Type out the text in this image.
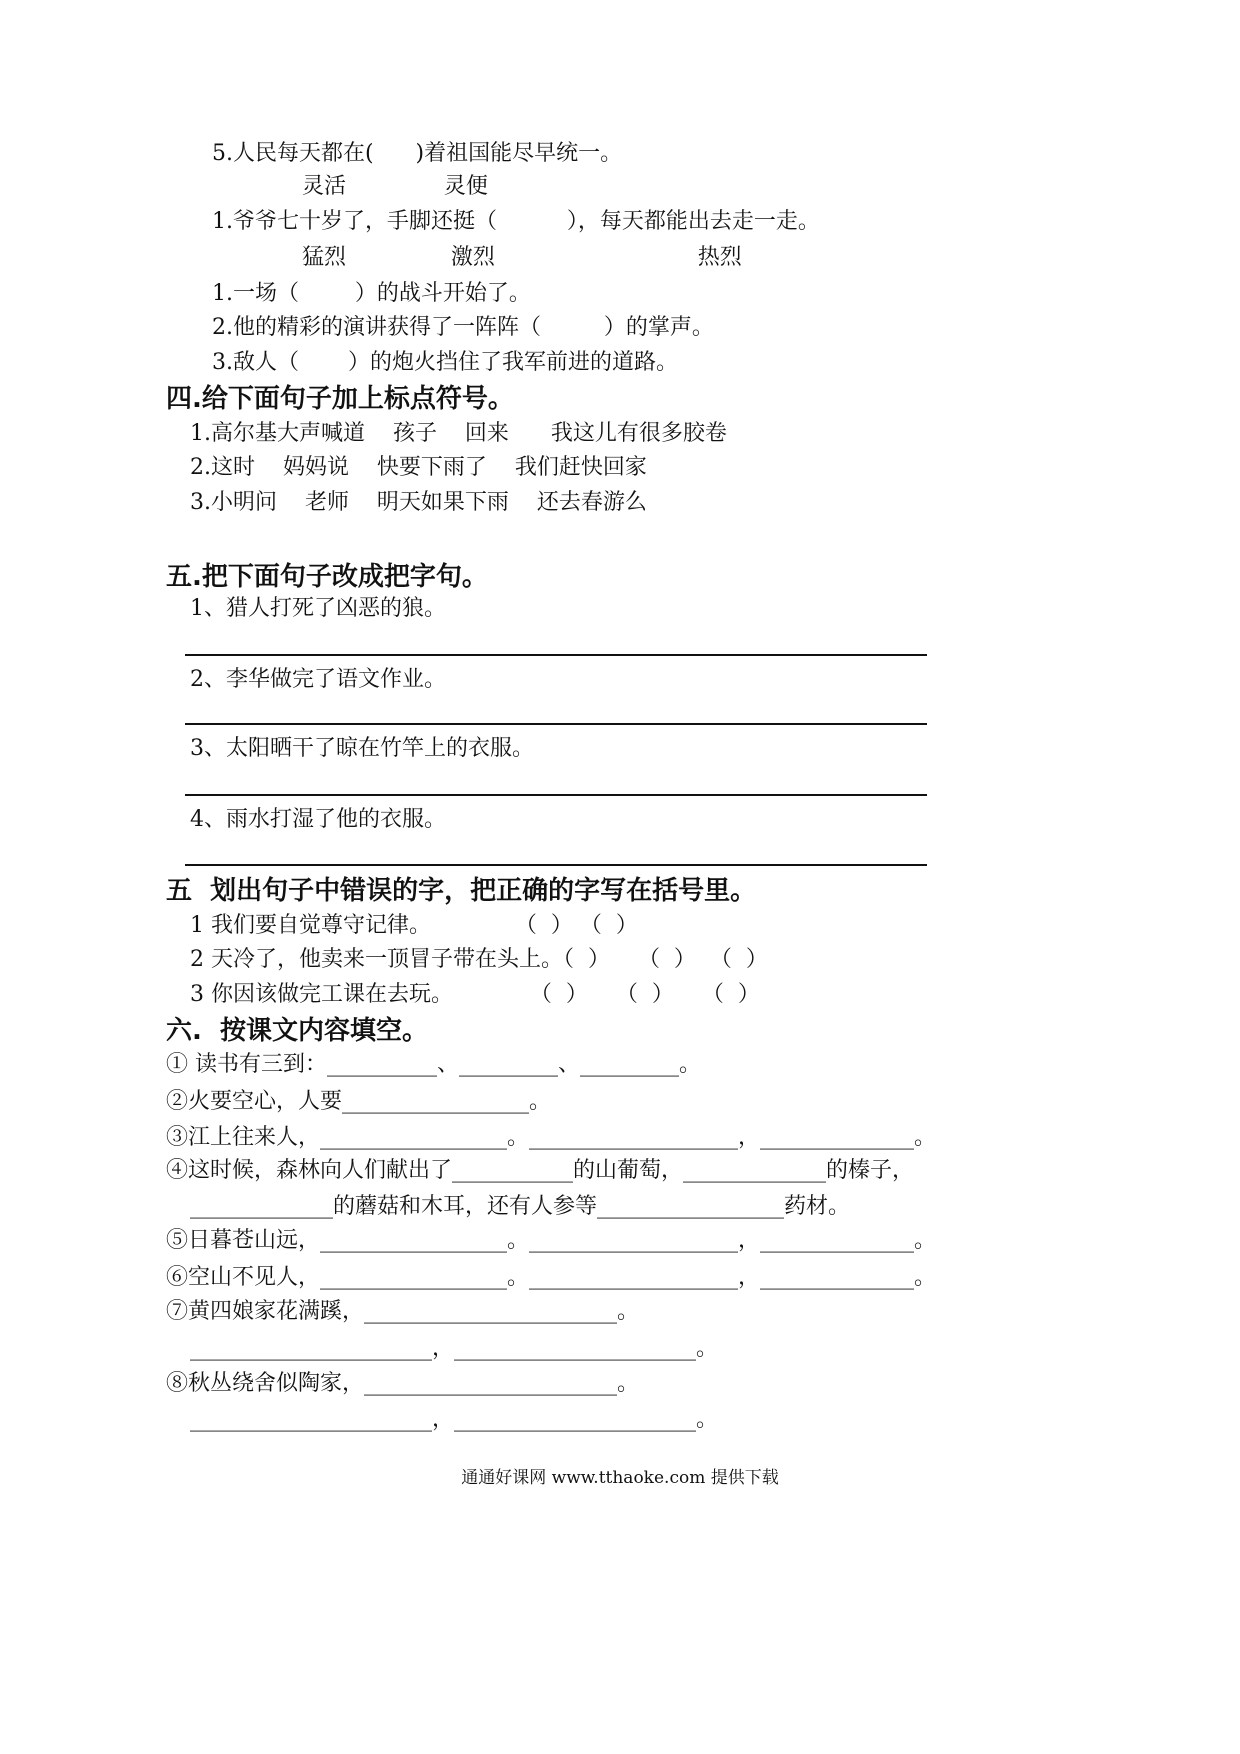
5.人民每天都在(      )着祖国能尽早统一。
灵活              灵便
1.爷爷七十岁了，手脚还挺（          ），每天都能出去走一走。
猛烈               激烈                             热烈
1.一场（        ）的战斗开始了。
2.他的精彩的演讲获得了一阵阵（         ）的掌声。
3.敌人（       ）的炮火挡住了我军前进的道路。
四.给下面句子加上标点符号。
1.高尔基大声喊道    孩子    回来      我这儿有很多胶卷
2.这时    妈妈说    快要下雨了    我们赶快回家
3.小明问    老师    明天如果下雨    还去春游么
五.把下面句子改成把字句。
1、猎人打死了凶恶的狼。
2、李华做完了语文作业。
3、太阳晒干了晾在竹竿上的衣服。
4、雨水打湿了他的衣服。
五  划出句子中错误的字，把正确的字写在括号里。
1 我们要自觉尊守记律。            （  ） （  ）
2 天冷了，他卖来一顶冒子带在头上。（  ）    （  ）  （  ）
3 你因该做完工课在去玩。           （  ）    （  ）    （  ）
六.  按课文内容填空。
① 读书有三到：__________、_________、_________。
②火要空心，人要_________________。
③江上往来人，_________________。___________________，______________。
④这时候，森林向人们献出了___________的山葡萄，_____________的榛子，
_____________的蘑菇和木耳，还有人参等_________________药材。
⑤日暮苍山远，_________________。___________________，______________。
⑥空山不见人，_________________。___________________，______________。
⑦黄四娘家花满蹊，_______________________。
______________________，______________________。
⑧秋丛绕舍似陶家，_______________________。
______________________，______________________。
通通好课网 www.tthaoke.com 提供下载
